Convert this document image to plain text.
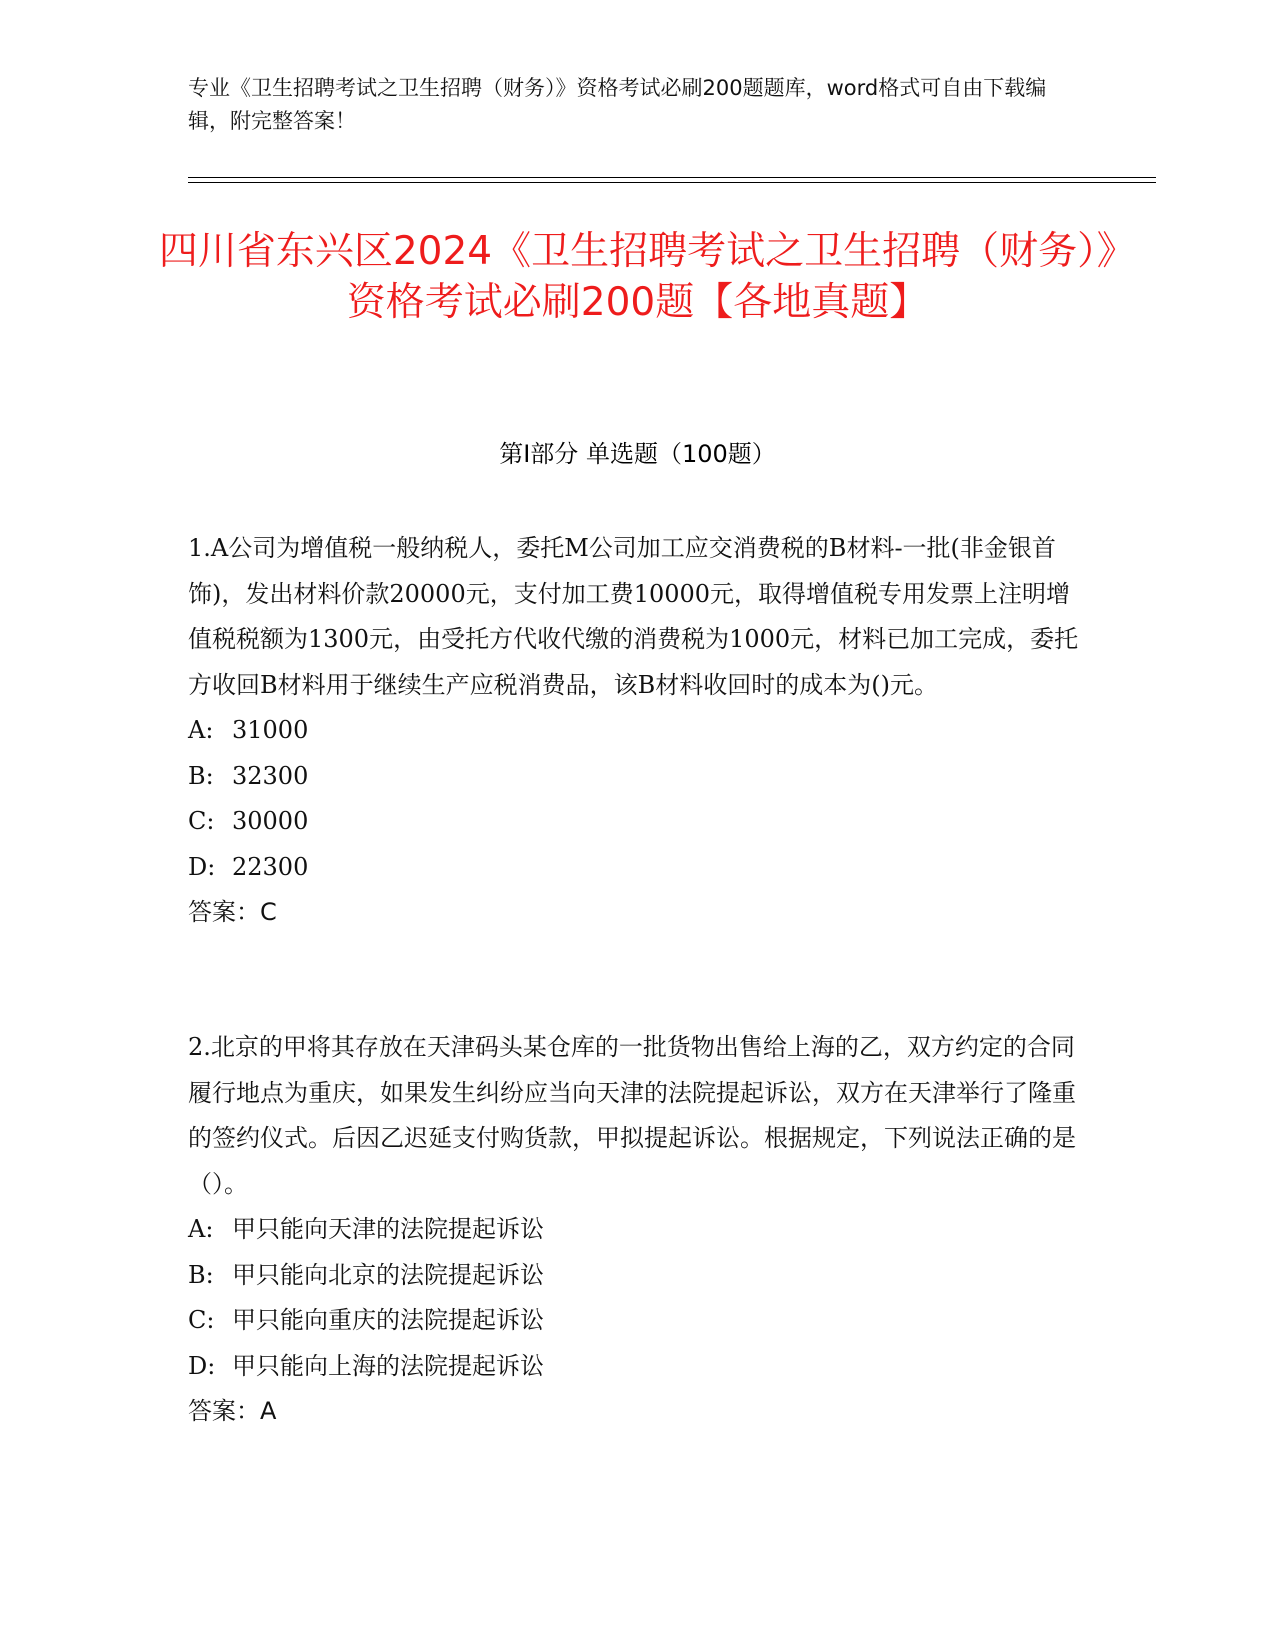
专业《卫生招聘考试之卫生招聘（财务）》资格考试必刷200题题库，word格式可自由下载编辑，附完整答案！
四川省东兴区2024《卫生招聘考试之卫生招聘（财务）》资格考试必刷200题【各地真题】
第Ⅰ部分 单选题（100题）

1.A公司为增值税一般纳税人，委托M公司加工应交消费税的B材料-一批(非金银首饰)，发出材料价款20000元，支付加工费10000元，取得增值税专用发票上注明增值税税额为1300元，由受托方代收代缴的消费税为1000元，材料已加工完成，委托方收回B材料用于继续生产应税消费品，该B材料收回时的成本为()元。

A: 31000

B: 32300

C: 30000

D: 22300

答案：C

2.北京的甲将其存放在天津码头某仓库的一批货物出售给上海的乙，双方约定的合同履行地点为重庆，如果发生纠纷应当向天津的法院提起诉讼，双方在天津举行了隆重的签约仪式。后因乙迟延支付购货款，甲拟提起诉讼。根据规定，下列说法正确的是（）。

A: 甲只能向天津的法院提起诉讼

B: 甲只能向北京的法院提起诉讼

C: 甲只能向重庆的法院提起诉讼

D: 甲只能向上海的法院提起诉讼

答案：A
